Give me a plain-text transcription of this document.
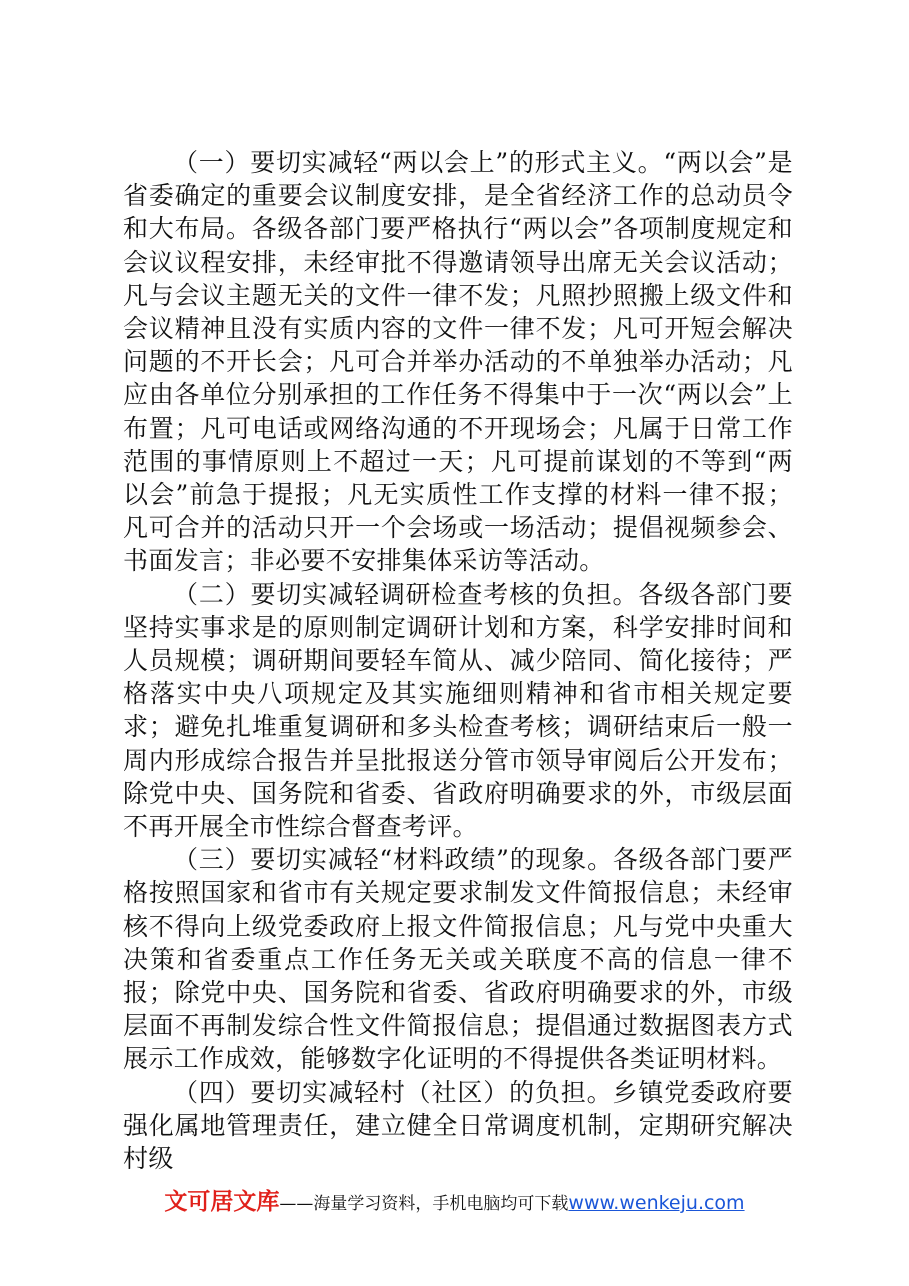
（一）要切实减轻“两以会上”的形式主义。“两以会”是省委确定的重要会议制度安排，是全省经济工作的总动员令和大布局。各级各部门要严格执行“两以会”各项制度规定和会议议程安排，未经审批不得邀请领导出席无关会议活动；凡与会议主题无关的文件一律不发；凡照抄照搬上级文件和会议精神且没有实质内容的文件一律不发；凡可开短会解决问题的不开长会；凡可合并举办活动的不单独举办活动；凡应由各单位分别承担的工作任务不得集中于一次“两以会”上布置；凡可电话或网络沟通的不开现场会；凡属于日常工作范围的事情原则上不超过一天；凡可提前谋划的不等到“两以会”前急于提报；凡无实质性工作支撑的材料一律不报；凡可合并的活动只开一个会场或一场活动；提倡视频参会、书面发言；非必要不安排集体采访等活动。

（二）要切实减轻调研检查考核的负担。各级各部门要坚持实事求是的原则制定调研计划和方案，科学安排时间和人员规模；调研期间要轻车简从、减少陪同、简化接待；严格落实中央八项规定及其实施细则精神和省市相关规定要求；避免扎堆重复调研和多头检查考核；调研结束后一般一周内形成综合报告并呈批报送分管市领导审阅后公开发布；除党中央、国务院和省委、省政府明确要求的外，市级层面不再开展全市性综合督查考评。

（三）要切实减轻“材料政绩”的现象。各级各部门要严格按照国家和省市有关规定要求制发文件简报信息；未经审核不得向上级党委政府上报文件简报信息；凡与党中央重大决策和省委重点工作任务无关或关联度不高的信息一律不报；除党中央、国务院和省委、省政府明确要求的外，市级层面不再制发综合性文件简报信息；提倡通过数据图表方式展示工作成效，能够数字化证明的不得提供各类证明材料。

（四）要切实减轻村（社区）的负担。乡镇党委政府要强化属地管理责任，建立健全日常调度机制，定期研究解决村级

文可居文库——海量学习资料，手机电脑均可下载www.wenkeju.com
